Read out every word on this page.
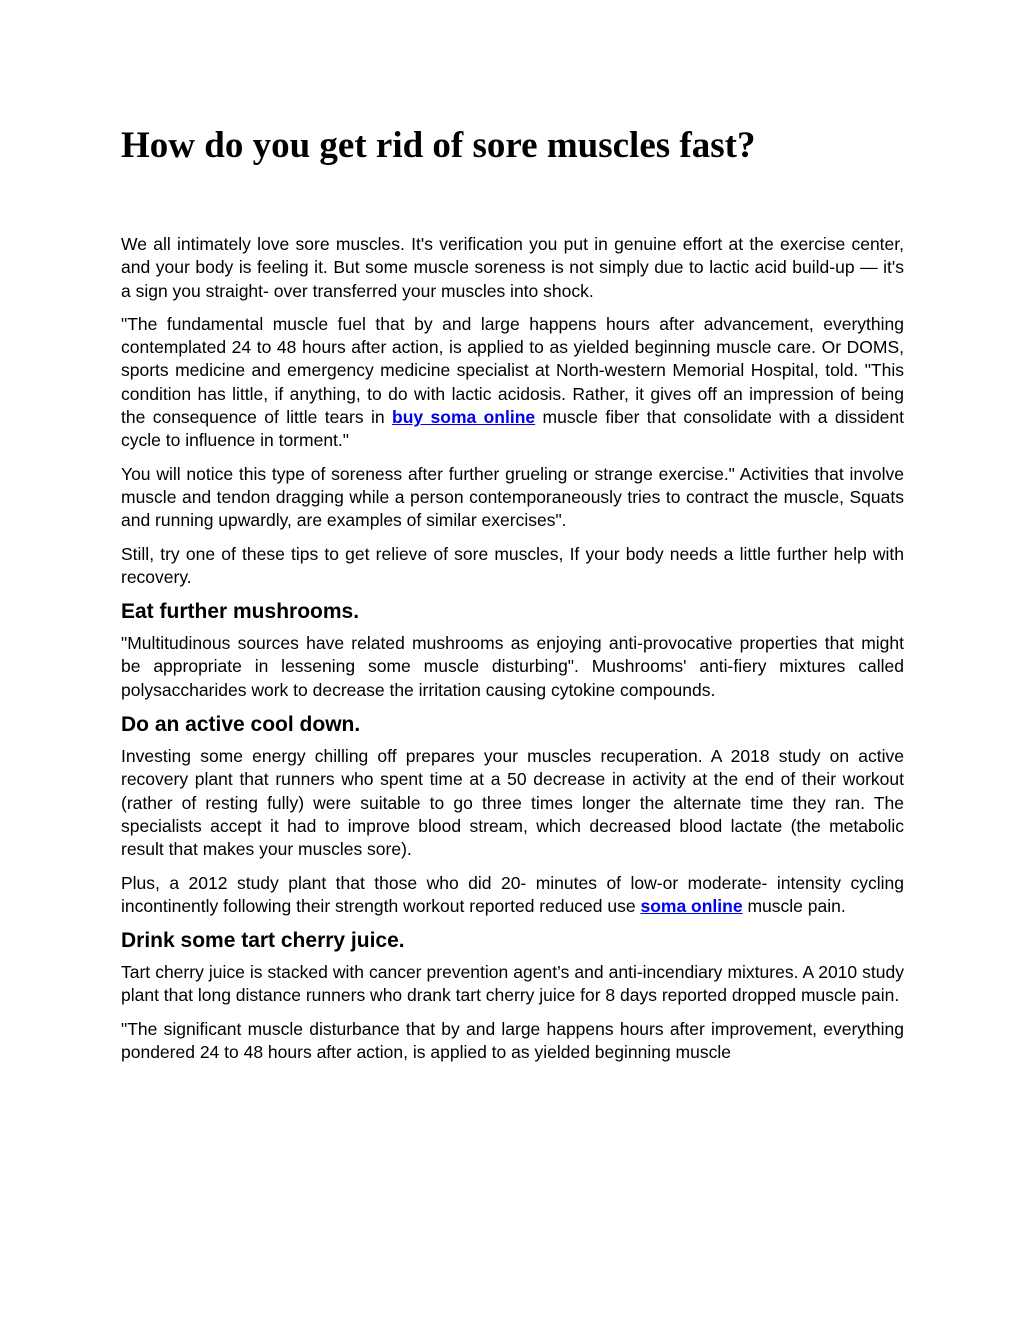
How do you get rid of sore muscles fast?

We all intimately love sore muscles. It's verification you put in genuine effort at the exercise center, and your body is feeling it. But some muscle soreness is not simply due to lactic acid build-up — it's a sign you straight- over transferred your muscles into shock.

"The fundamental muscle fuel that by and large happens hours after advancement, everything contemplated 24 to 48 hours after action, is applied to as yielded beginning muscle care. Or DOMS, sports medicine and emergency medicine specialist at North-western Memorial Hospital, told. "This condition has little, if anything, to do with lactic acidosis. Rather, it gives off an impression of being the consequence of little tears in buy soma online muscle fiber that consolidate with a dissident cycle to influence in torment."

You will notice this type of soreness after further grueling or strange exercise." Activities that involve muscle and tendon dragging while a person contemporaneously tries to contract the muscle, Squats and running upwardly, are examples of similar exercises".

Still, try one of these tips to get relieve of sore muscles, If your body needs a little further help with recovery.

Eat further mushrooms.

"Multitudinous sources have related mushrooms as enjoying anti-provocative properties that might be appropriate in lessening some muscle disturbing". Mushrooms' anti-fiery mixtures called polysaccharides work to decrease the irritation causing cytokine compounds.

Do an active cool down.

Investing some energy chilling off prepares your muscles recuperation. A 2018 study on active recovery plant that runners who spent time at a 50 decrease in activity at the end of their workout (rather of resting fully) were suitable to go three times longer the alternate time they ran. The specialists accept it had to improve blood stream, which decreased blood lactate (the metabolic result that makes your muscles sore).

Plus, a 2012 study plant that those who did 20- minutes of low-or moderate- intensity cycling incontinently following their strength workout reported reduced use soma online muscle pain.

Drink some tart cherry juice.

Tart cherry juice is stacked with cancer prevention agent’s and anti-incendiary mixtures. A 2010 study plant that long distance runners who drank tart cherry juice for 8 days reported dropped muscle pain.

"The significant muscle disturbance that by and large happens hours after improvement, everything pondered 24 to 48 hours after action, is applied to as yielded beginning muscle
